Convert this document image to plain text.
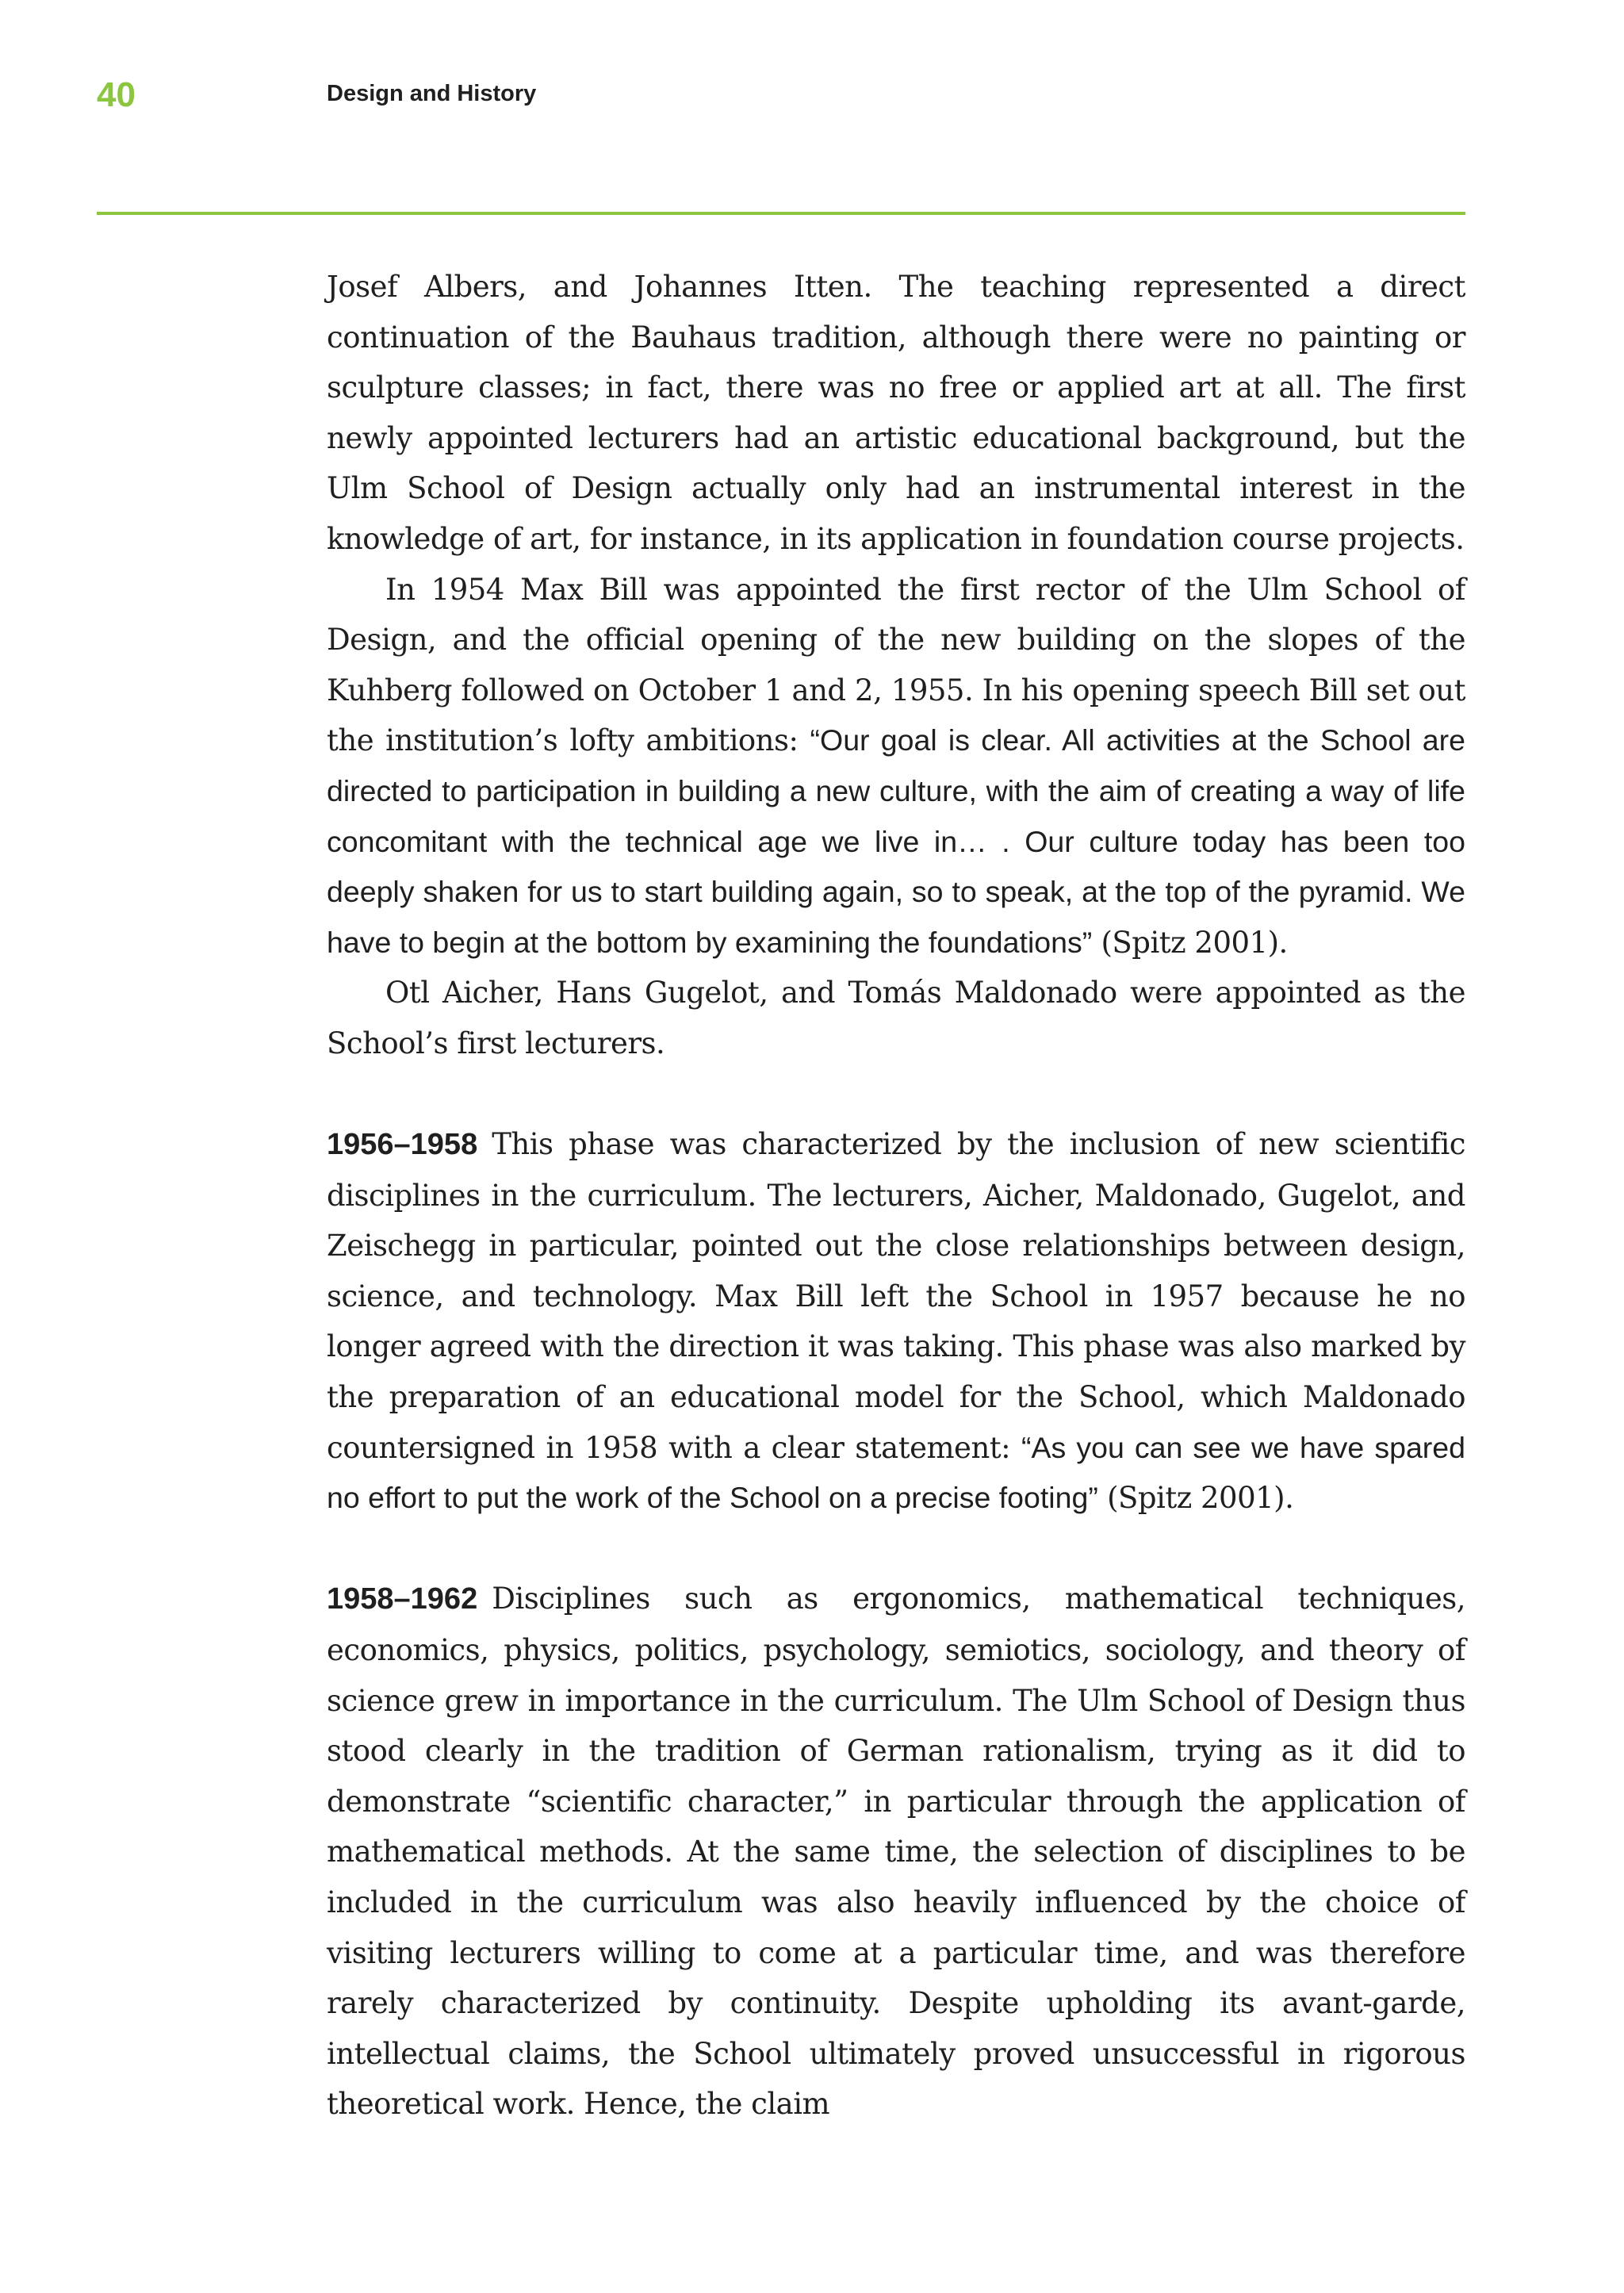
40	Design and History

Josef Albers, and Johannes Itten. The teaching represented a direct continuation of the Bauhaus tradition, although there were no painting or sculpture classes; in fact, there was no free or applied art at all. The first newly appointed lecturers had an artistic educational background, but the Ulm School of Design actually only had an instrumental interest in the knowledge of art, for instance, in its application in foundation course projects.

In 1954 Max Bill was appointed the first rector of the Ulm School of Design, and the official opening of the new building on the slopes of the Kuhberg followed on October 1 and 2, 1955. In his opening speech Bill set out the institution’s lofty ambitions: “Our goal is clear. All activities at the School are directed to participation in building a new culture, with the aim of creating a way of life concomitant with the technical age we live in… . Our culture today has been too deeply shaken for us to start building again, so to speak, at the top of the pyramid. We have to begin at the bottom by examining the foundations” (Spitz 2001).

Otl Aicher, Hans Gugelot, and Tomás Maldonado were appointed as the School’s first lecturers.

1956–1958 This phase was characterized by the inclusion of new scientific disciplines in the curriculum. The lecturers, Aicher, Maldonado, Gugelot, and Zeischegg in particular, pointed out the close relationships between design, science, and technology. Max Bill left the School in 1957 because he no longer agreed with the direction it was taking. This phase was also marked by the preparation of an educational model for the School, which Maldonado countersigned in 1958 with a clear statement: “As you can see we have spared no effort to put the work of the School on a precise footing” (Spitz 2001).

1958–1962 Disciplines such as ergonomics, mathematical techniques, economics, physics, politics, psychology, semiotics, sociology, and theory of science grew in importance in the curriculum. The Ulm School of Design thus stood clearly in the tradition of German rationalism, trying as it did to demonstrate “scientific character,” in particular through the application of mathematical methods. At the same time, the selection of disciplines to be included in the curriculum was also heavily influenced by the choice of visiting lecturers willing to come at a particular time, and was therefore rarely characterized by continuity. Despite upholding its avant-garde, intellectual claims, the School ultimately proved unsuccessful in rigorous theoretical work. Hence, the claim
